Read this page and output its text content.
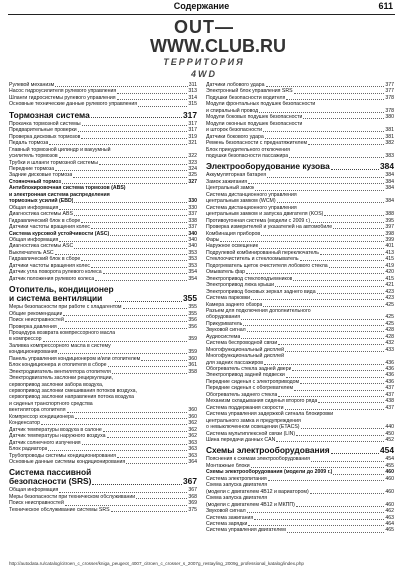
Содержание	611
OUT—
WWW.CLUB.RU
ТЕРРИТОРИЯ 4WD
Рулевой механизм	311
Насос гидроусилителя рулевого управления	313
Шланги гидросистемы рулевого управления	314
Основные технические данные рулевого управления	315
Тормозная система	317
Прокачка тормозной системы	317
Предварительные проверки	317
Проверка дисковых тормозов	319
Педаль тормоза	321
Главный тормозной цилиндр и вакуумный
усилитель тормозов	322
Трубки и шланги тормозной системы	323
Передние тормоза	324
Задние дисковые тормоза	325
Стояночный тормоз	327
Антиблокировочная система тормозов (ABS)
и электронная система распределения
тормозных усилий (EBD)	330
Общая информация	330
Диагностика системы ABS	337
Гидравлический блок в сборе	338
Датчики частоты вращения колес	337
Система курсовой устойчивости (ASC)	340
Общая информация	340
Диагностика системы ASC	340
Выключатель ASC	353
Гидравлический блок в сборе	353
Датчики частоты вращения колес	353
Датчик угла поворота рулевого колеса	354
Датчик положения рулевого колеса	354
Отопитель, кондиционер
и система вентиляции	355
Меры безопасности при работе с хладагентом	355
Общие рекомендации	355
Поиск неисправностей	356
Проверка давления	356
Процедура возврата компрессорного масла
в компрессор	359
Заливка компрессорного масла в систему
кондиционирования	359
Панель управления кондиционером и/или отопителем	360
Блок кондиционера и отопителя в сборе	361
Электродвигатель вентилятора отопителя	358
Электродвигатель заслонки рециркуляции,
сервопривод заслонки забора воздуха,
сервопривод заслонки смешивания потоков воздуха,
сервопривод заслонки направления потока воздуха
и сиденья транспортного средства
вентилятора отопителя	360
Компрессор кондиционера	360
Конденсатор	362
Датчик температуры воздуха в салоне	362
Датчик температуры наружного воздуха	362
Датчик солнечного излучения	363
Блок радиатора	363
Трубопроводы системы кондиционирования	363
Основные данные системы кондиционирования	364
Система пассивной
безопасности (SRS)	367
Общая информация	367
Меры безопасности при техническом обслуживании	368
Поиск неисправностей	369
Техническое обслуживание системы SRS	375
Датчики лобового удара	377
Электронный блок управления SRS	377
Подушки безопасности водителя	378
Модули фронтальных подушек безопасности
и спиральный провод	378
Модули боковых подушек безопасности	380
Модули оконных подушек безопасности
и шторок безопасности	381
Датчики бокового удара	381
Ремень безопасности с преднатяжителем	382
Блок принудительного отключения
подушки безопасности пассажира	383
Электрооборудование кузова	384
Аккумуляторная батарея	384
Замок зажигания	384
Центральный замок	384
Система дистанционного управления
центральным замком (WCM)	384
Система дистанционного управления
центральным замком и запуска двигателя (KOS)	388
Противоугонная система (модели с 2009 г.)	395
Проверка измерителей и указателей на автомобиле	397
Комбинация приборов	398
Фары	399
Наружное освещение	401
Подрулевой комбинированный переключатель	413
Стеклоочиститель и стеклоомыватель	415
Подогреватель щеток очистителя лобового стекла	419
Омыватель фар	420
Электропривод стеклоподъемников	415
Электропривод люка крыши	421
Электропривод боковых зеркал заднего вида	423
Система парковки	423
Камера заднего обзора	425
Разъем для подключения дополнительного
оборудования	425
Прикуриватель	425
Звуковой сигнал	428
Аудиосистема	428
Система беспроводной связи	432
Многофункциональный дисплей	433
Многофункциональный дисплей
для задних пассажиров	436
Обогреватель стекла задней двери	436
Электропривод задней подвески	436
Передние сиденья с электроприводом	436
Передние сиденья с обогревателем	437
Обогреватель заднего стекла	437
Механизм складывания сиденья второго ряда	438
Система поддержания скорости	437
Система управления задержкой сигнала блокировки
центрального замка и предупреждения
о невыключенном освещении (ETACS)	440
Система мультиплексной связи (LIN)	450
Шина передачи данных CAN	452
Схемы электрооборудования	454
Пояснения к схемам электрооборудования	454
Монтажные блоки	455
Схемы электрооборудования (модели до 2009 г.)	460
Система электропитания	460
Схема запуска двигателя
(модели с двигателем 4В12 и вариатором)	460
Схема запуска двигателя
(модели с двигателем 4В12 и МКПП)	460
Звуковой сигнал	462
Система зажигания	463
Система зарядки	464
Система управления двигателем	465
http://autodata.ru/catalog/citroen_c_crosser/kniga_peugeot_4007_citroen_c_crosser_s_2007g_restayling_2009g_professional_katalog/index.php
